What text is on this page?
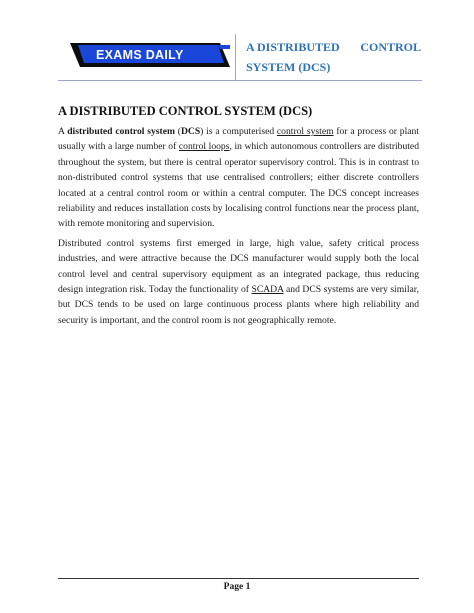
EXAMS DAILY
A DISTRIBUTED CONTROL
SYSTEM (DCS)
A DISTRIBUTED CONTROL SYSTEM (DCS)

A distributed control system (DCS) is a computerised control system for a process or plant usually with a large number of control loops, in which autonomous controllers are distributed throughout the system, but there is central operator supervisory control. This is in contrast to non-distributed control systems that use centralised controllers; either discrete controllers located at a central control room or within a central computer. The DCS concept increases reliability and reduces installation costs by localising control functions near the process plant, with remote monitoring and supervision.

Distributed control systems first emerged in large, high value, safety critical process industries, and were attractive because the DCS manufacturer would supply both the local control level and central supervisory equipment as an integrated package, thus reducing design integration risk. Today the functionality of SCADA and DCS systems are very similar, but DCS tends to be used on large continuous process plants where high reliability and security is important, and the control room is not geographically remote.

Page 1
